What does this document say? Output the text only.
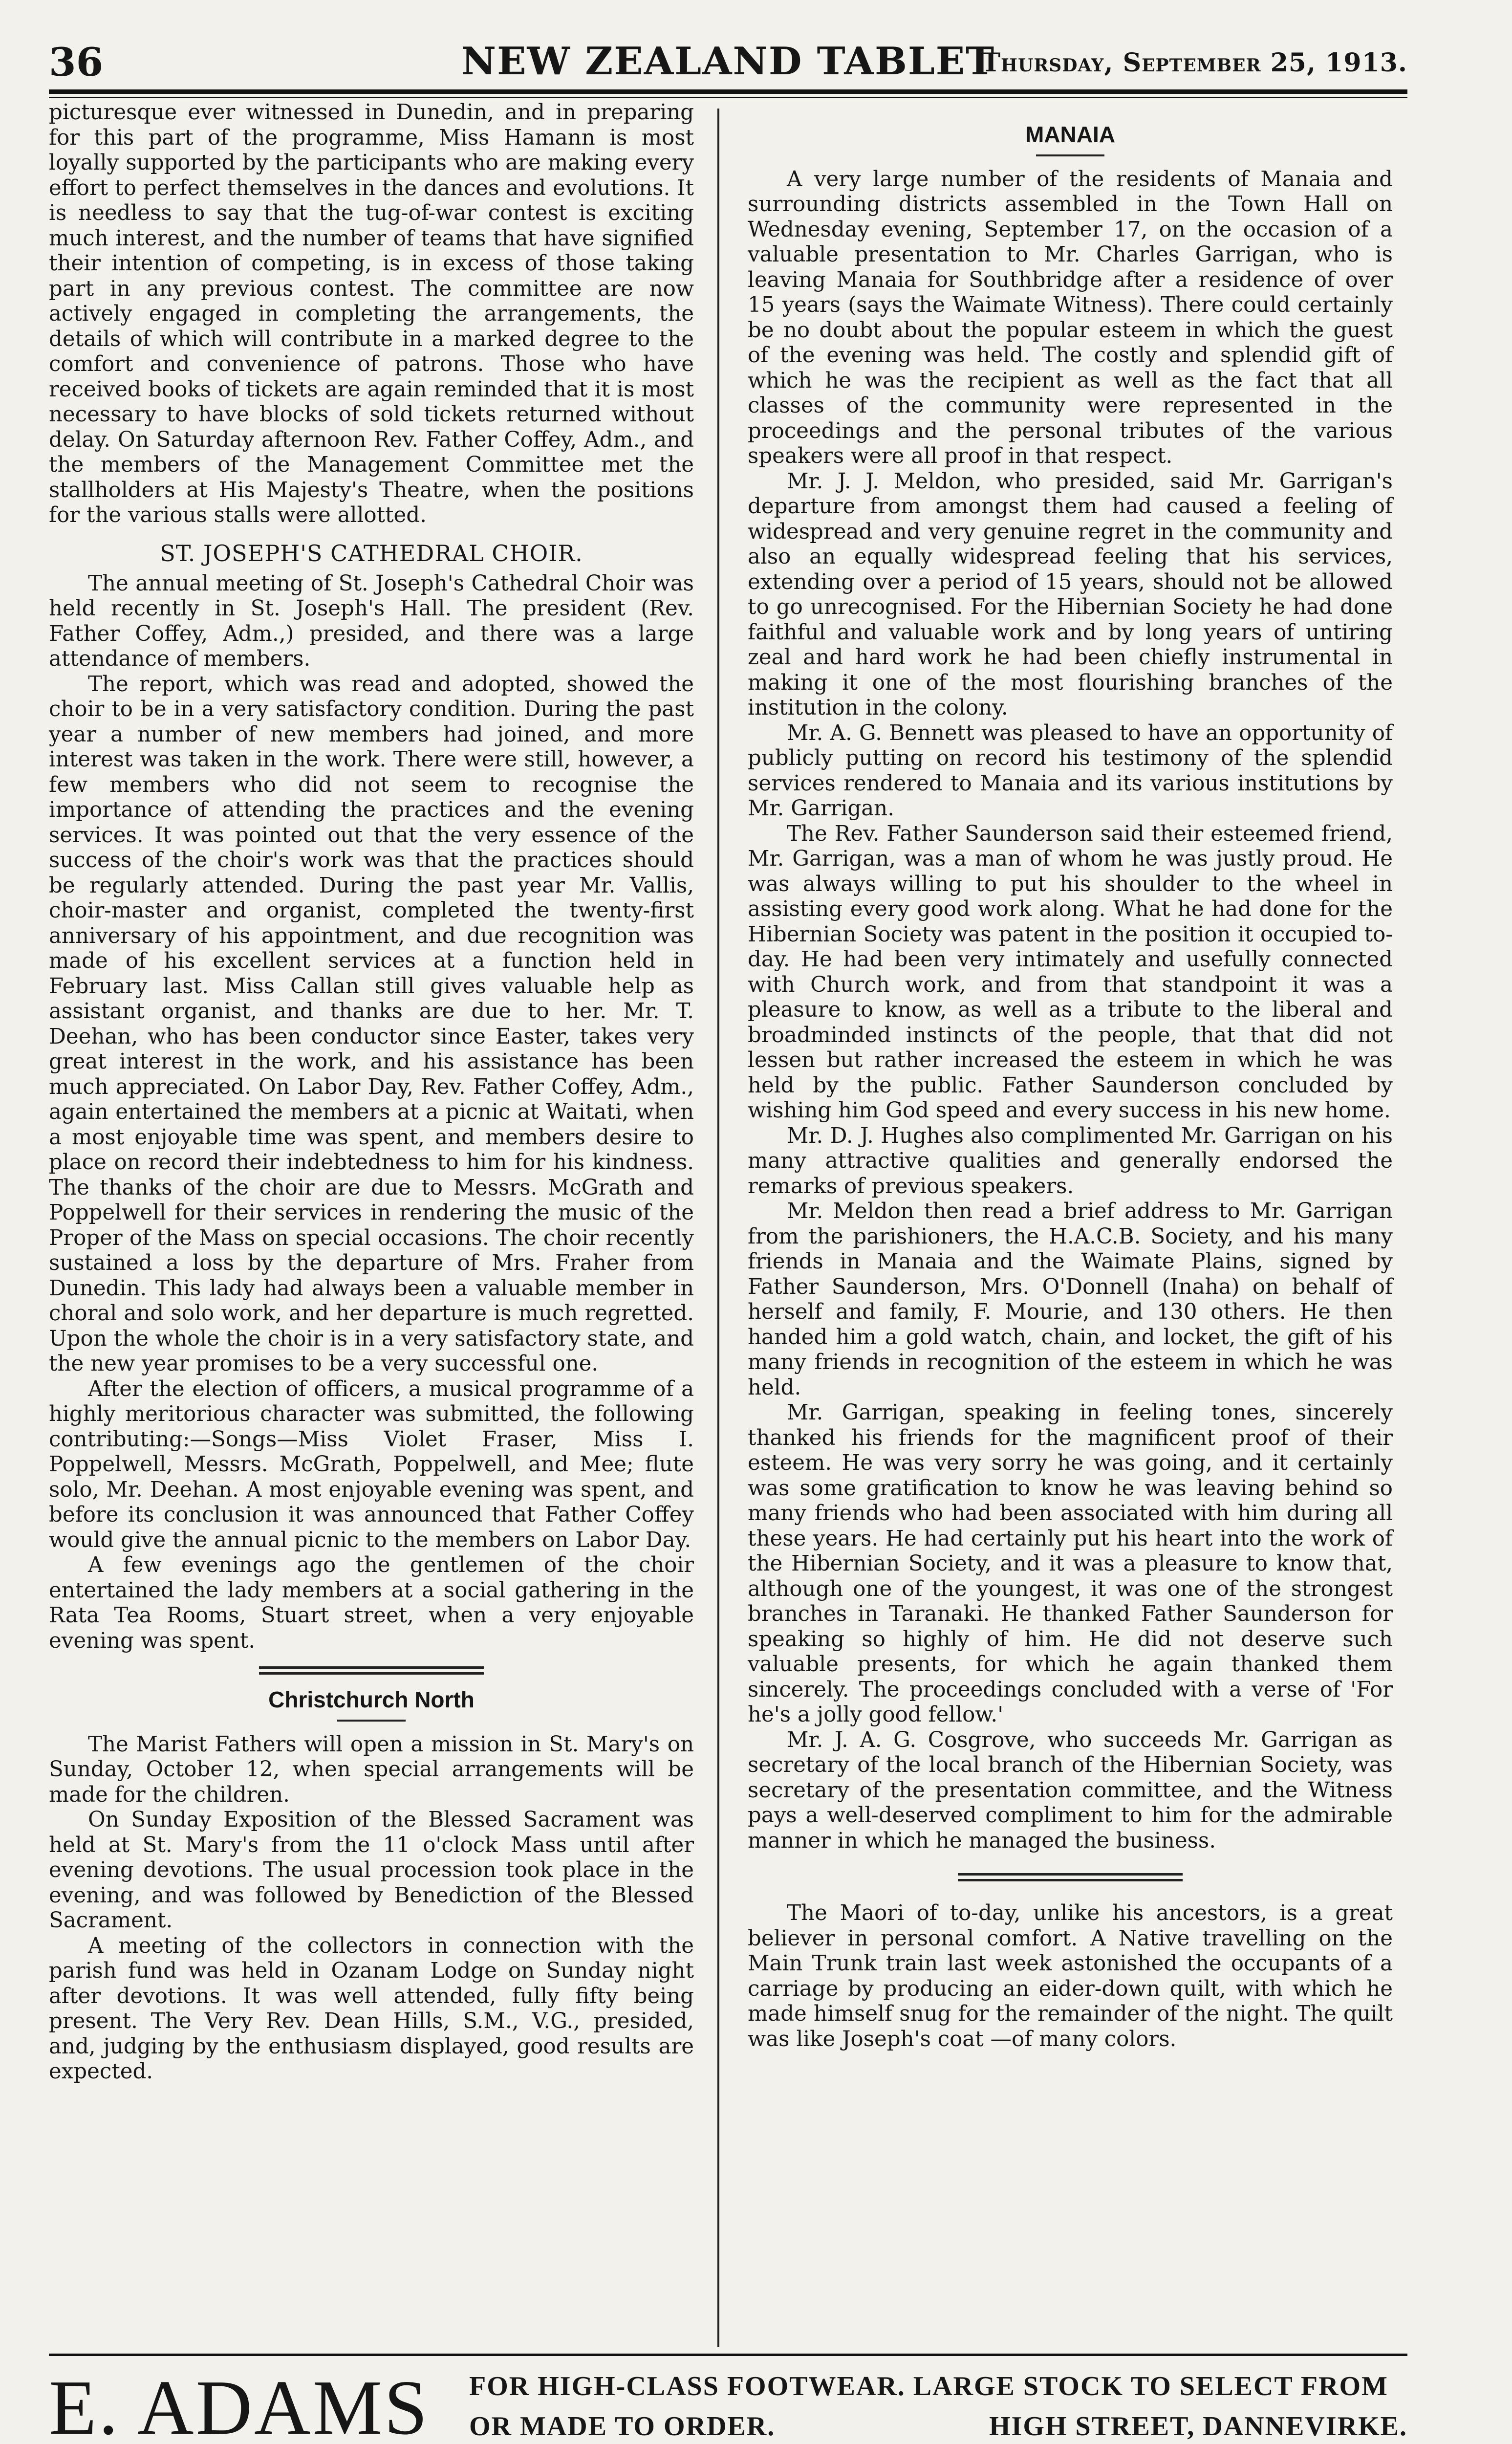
36	NEW ZEALAND TABLET
Thursday, September 25, 1913.

picturesque ever witnessed in Dunedin, and in preparing for this part of the programme, Miss Hamann is most loyally supported by the participants who are making every effort to perfect themselves in the dances and evolutions. It is needless to say that the tug-of-war contest is exciting much interest, and the number of teams that have signified their intention of competing, is in excess of those taking part in any previous contest. The committee are now actively engaged in completing the arrangements, the details of which will contribute in a marked degree to the comfort and convenience of patrons. Those who have received books of tickets are again reminded that it is most necessary to have blocks of sold tickets returned without delay. On Saturday afternoon Rev. Father Coffey, Adm., and the members of the Management Committee met the stallholders at His Majesty's Theatre, when the positions for the various stalls were allotted.

ST. JOSEPH'S CATHEDRAL CHOIR.

The annual meeting of St. Joseph's Cathedral Choir was held recently in St. Joseph's Hall. The president (Rev. Father Coffey, Adm.,) presided, and there was a large attendance of members.

The report, which was read and adopted, showed the choir to be in a very satisfactory condition. During the past year a number of new members had joined, and more interest was taken in the work. There were still, however, a few members who did not seem to recognise the importance of attending the practices and the evening services. It was pointed out that the very essence of the success of the choir's work was that the practices should be regularly attended. During the past year Mr. Vallis, choir-master and organist, completed the twenty-first anniversary of his appointment, and due recognition was made of his excellent services at a function held in February last. Miss Callan still gives valuable help as assistant organist, and thanks are due to her. Mr. T. Deehan, who has been conductor since Easter, takes very great interest in the work, and his assistance has been much appreciated. On Labor Day, Rev. Father Coffey, Adm., again entertained the members at a picnic at Waitati, when a most enjoyable time was spent, and members desire to place on record their indebtedness to him for his kindness. The thanks of the choir are due to Messrs. McGrath and Poppelwell for their services in rendering the music of the Proper of the Mass on special occasions. The choir recently sustained a loss by the departure of Mrs. Fraher from Dunedin. This lady had always been a valuable member in choral and solo work, and her departure is much regretted. Upon the whole the choir is in a very satisfactory state, and the new year promises to be a very successful one.

After the election of officers, a musical programme of a highly meritorious character was submitted, the following contributing:—Songs—Miss Violet Fraser, Miss I. Poppelwell, Messrs. McGrath, Poppelwell, and Mee; flute solo, Mr. Deehan. A most enjoyable evening was spent, and before its conclusion it was announced that Father Coffey would give the annual picnic to the members on Labor Day.

A few evenings ago the gentlemen of the choir entertained the lady members at a social gathering in the Rata Tea Rooms, Stuart street, when a very enjoyable evening was spent.

Christchurch North

The Marist Fathers will open a mission in St. Mary's on Sunday, October 12, when special arrangements will be made for the children.

On Sunday Exposition of the Blessed Sacrament was held at St. Mary's from the 11 o'clock Mass until after evening devotions. The usual procession took place in the evening, and was followed by Benediction of the Blessed Sacrament.

A meeting of the collectors in connection with the parish fund was held in Ozanam Lodge on Sunday night after devotions. It was well attended, fully fifty being present. The Very Rev. Dean Hills, S.M., V.G., presided, and, judging by the enthusiasm displayed, good results are expected.

MANAIA

A very large number of the residents of Manaia and surrounding districts assembled in the Town Hall on Wednesday evening, September 17, on the occasion of a valuable presentation to Mr. Charles Garrigan, who is leaving Manaia for Southbridge after a residence of over 15 years (says the Waimate Witness). There could certainly be no doubt about the popular esteem in which the guest of the evening was held. The costly and splendid gift of which he was the recipient as well as the fact that all classes of the community were represented in the proceedings and the personal tributes of the various speakers were all proof in that respect.

Mr. J. J. Meldon, who presided, said Mr. Garrigan's departure from amongst them had caused a feeling of widespread and very genuine regret in the community and also an equally widespread feeling that his services, extending over a period of 15 years, should not be allowed to go unrecognised. For the Hibernian Society he had done faithful and valuable work and by long years of untiring zeal and hard work he had been chiefly instrumental in making it one of the most flourishing branches of the institution in the colony.

Mr. A. G. Bennett was pleased to have an opportunity of publicly putting on record his testimony of the splendid services rendered to Manaia and its various institutions by Mr. Garrigan.

The Rev. Father Saunderson said their esteemed friend, Mr. Garrigan, was a man of whom he was justly proud. He was always willing to put his shoulder to the wheel in assisting every good work along. What he had done for the Hibernian Society was patent in the position it occupied to-day. He had been very intimately and usefully connected with Church work, and from that standpoint it was a pleasure to know, as well as a tribute to the liberal and broadminded instincts of the people, that that did not lessen but rather increased the esteem in which he was held by the public. Father Saunderson concluded by wishing him God speed and every success in his new home.

Mr. D. J. Hughes also complimented Mr. Garrigan on his many attractive qualities and generally endorsed the remarks of previous speakers.

Mr. Meldon then read a brief address to Mr. Garrigan from the parishioners, the H.A.C.B. Society, and his many friends in Manaia and the Waimate Plains, signed by Father Saunderson, Mrs. O'Donnell (Inaha) on behalf of herself and family, F. Mourie, and 130 others. He then handed him a gold watch, chain, and locket, the gift of his many friends in recognition of the esteem in which he was held.

Mr. Garrigan, speaking in feeling tones, sincerely thanked his friends for the magnificent proof of their esteem. He was very sorry he was going, and it certainly was some gratification to know he was leaving behind so many friends who had been associated with him during all these years. He had certainly put his heart into the work of the Hibernian Society, and it was a pleasure to know that, although one of the youngest, it was one of the strongest branches in Taranaki. He thanked Father Saunderson for speaking so highly of him. He did not deserve such valuable presents, for which he again thanked them sincerely. The proceedings concluded with a verse of 'For he's a jolly good fellow.'

Mr. J. A. G. Cosgrove, who succeeds Mr. Garrigan as secretary of the local branch of the Hibernian Society, was secretary of the presentation committee, and the Witness pays a well-deserved compliment to him for the admirable manner in which he managed the business.

The Maori of to-day, unlike his ancestors, is a great believer in personal comfort. A Native travelling on the Main Trunk train last week astonished the occupants of a carriage by producing an eider-down quilt, with which he made himself snug for the remainder of the night. The quilt was like Joseph's coat —of many colors.

E. ADAMS FOR HIGH-CLASS FOOTWEAR. LARGE STOCK TO SELECT FROM
OR MADE TO ORDER.	HIGH STREET, DANNEVIRKE.
